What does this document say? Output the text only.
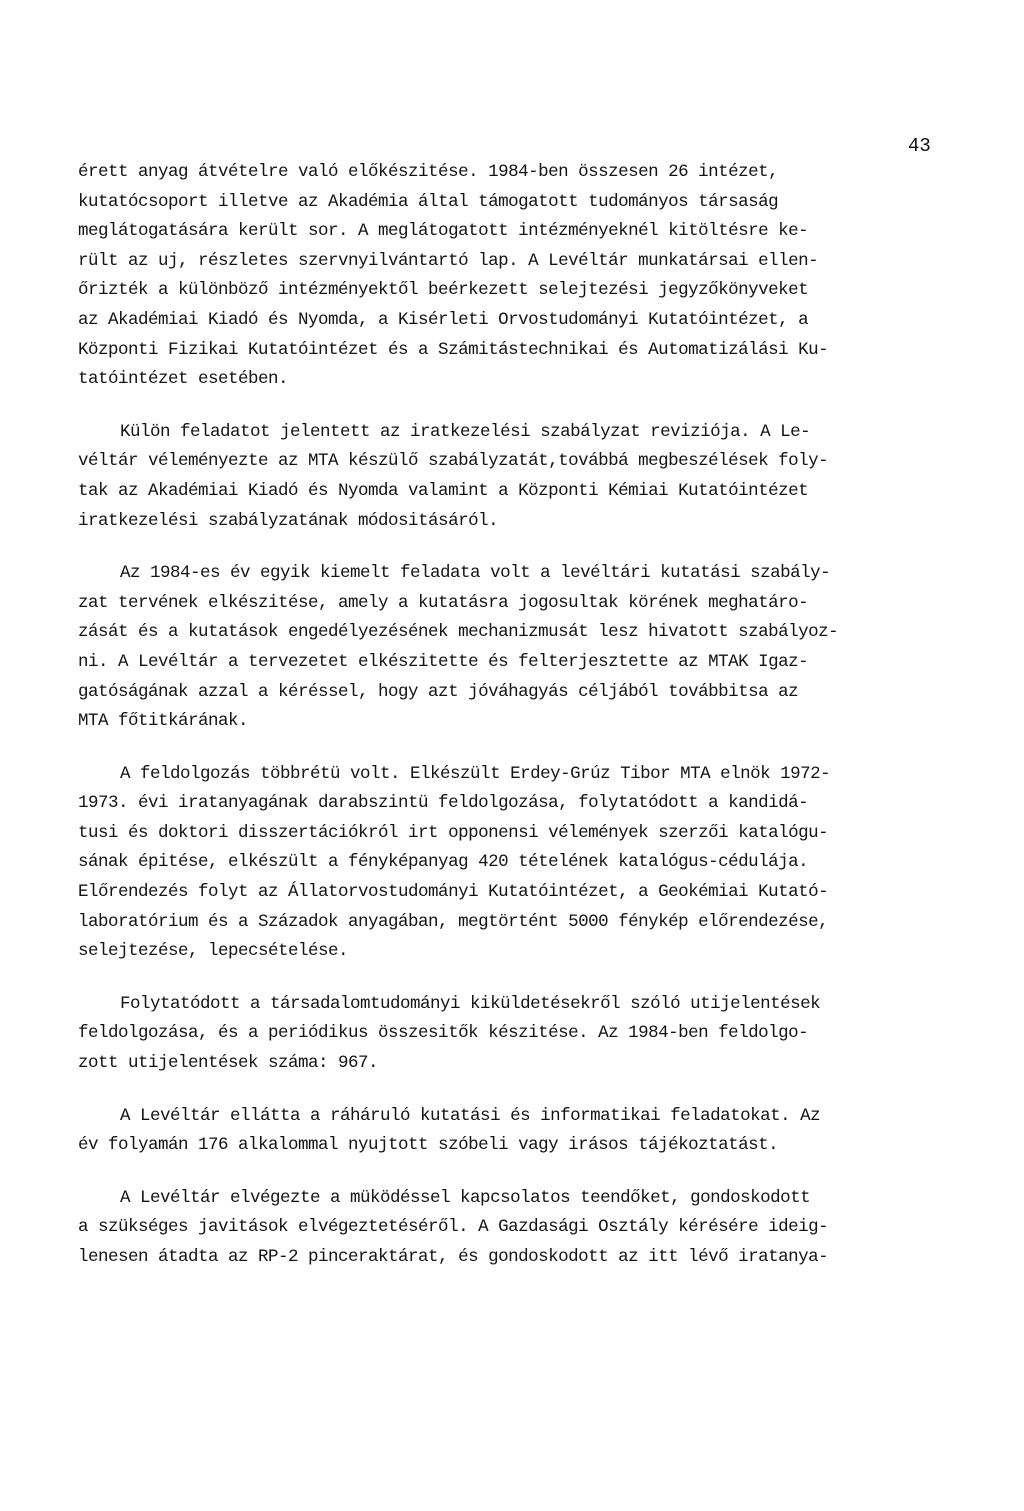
43
érett anyag átvételre való előkészitése. 1984-ben összesen 26 intézet,
kutatócsoport illetve az Akadémia által támogatott tudományos társaság
meglátogatására került sor. A meglátogatott intézményeknél kitöltésre ke-
rült az uj, részletes szervnyilvántartó lap. A Levéltár munkatársai ellen-
őrizték a különböző intézményektől beérkezett selejtezési jegyzőkönyveket
az Akadémiai Kiadó és Nyomda, a Kisérleti Orvostudományi Kutatóintézet, a
Központi Fizikai Kutatóintézet és a Számitástechnikai és Automatizálási Ku-
tatóintézet esetében.
Külön feladatot jelentett az iratkezelési szabályzat reviziója. A Le-
véltár véleményezte az MTA készülő szabályzatát,továbbá megbeszélések foly-
tak az Akadémiai Kiadó és Nyomda valamint a Központi Kémiai Kutatóintézet
iratkezelési szabályzatának módositásáról.
Az 1984-es év egyik kiemelt feladata volt a levéltári kutatási szabály-
zat tervének elkészitése, amely a kutatásra jogosultak körének meghatáro-
zását és a kutatások engedélyezésének mechanizmusát lesz hivatott szabályoz-
ni. A Levéltár a tervezetet elkészitette és felterjesztette az MTAK Igaz-
gatóságának azzal a kéréssel, hogy azt jóváhagyás céljából továbbitsa az
MTA főtitkárának.
A feldolgozás többrétü volt. Elkészült Erdey-Grúz Tibor MTA elnök 1972-
1973. évi iratanyagának darabszintü feldolgozása, folytatódott a kandidá-
tusi és doktori disszertációkról irt opponensi vélemények szerzői katalógu-
sának épitése, elkészült a fényképanyag 420 tételének katalógus-cédulája.
Előrendezés folyt az Állatorvostudományi Kutatóintézet, a Geokémiai Kutató-
laboratórium és a Századok anyagában, megtörtént 5000 fénykép előrendezése,
selejtezése, lepecsételése.
Folytatódott a társadalomtudományi kiküldetésekről szóló utijelentések
feldolgozása, és a periódikus összesitők készitése. Az 1984-ben feldolgo-
zott utijelentések száma: 967.
A Levéltár ellátta a ráháruló kutatási és informatikai feladatokat. Az
év folyamán 176 alkalommal nyujtott szóbeli vagy irásos tájékoztatást.
A Levéltár elvégezte a müködéssel kapcsolatos teendőket, gondoskodott
a szükséges javitások elvégeztetéséről. A Gazdasági Osztály kérésére ideig-
lenesen átadta az RP-2 pinceraktárat, és gondoskodott az itt lévő iratanya-
